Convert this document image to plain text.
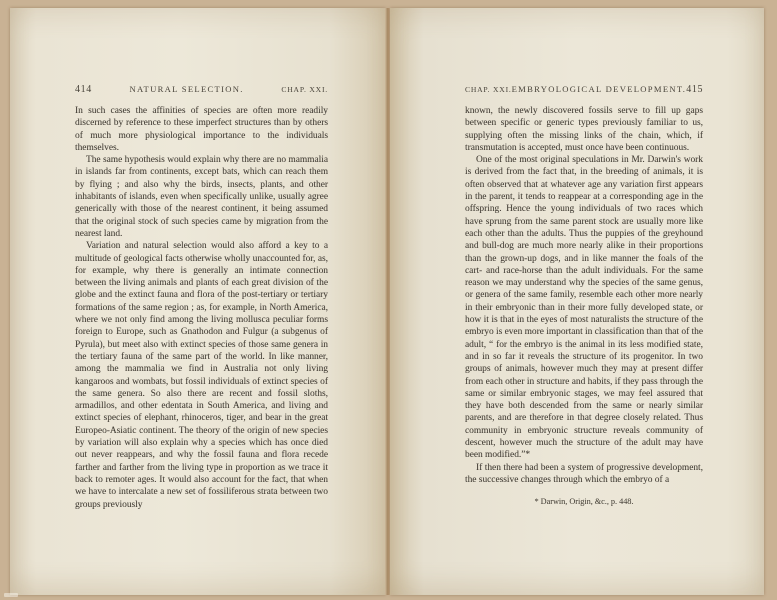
414	NATURAL SELECTION.	CHAP. XXI.

In such cases the affinities of species are often more readily discerned by reference to these imperfect structures than by others of much more physiological importance to the individuals themselves.

The same hypothesis would explain why there are no mammalia in islands far from continents, except bats, which can reach them by flying ; and also why the birds, insects, plants, and other inhabitants of islands, even when specifically unlike, usually agree generically with those of the nearest continent, it being assumed that the original stock of such species came by migration from the nearest land.

Variation and natural selection would also afford a key to a multitude of geological facts otherwise wholly unaccounted for, as, for example, why there is generally an intimate connection between the living animals and plants of each great division of the globe and the extinct fauna and flora of the post-tertiary or tertiary formations of the same region ; as, for example, in North America, where we not only find among the living mollusca peculiar forms foreign to Europe, such as Gnathodon and Fulgur (a subgenus of Pyrula), but meet also with extinct species of those same genera in the tertiary fauna of the same part of the world. In like manner, among the mammalia we find in Australia not only living kangaroos and wombats, but fossil individuals of extinct species of the same genera. So also there are recent and fossil sloths, armadillos, and other edentata in South America, and living and extinct species of elephant, rhinoceros, tiger, and bear in the great Europeo-Asiatic continent. The theory of the origin of new species by variation will also explain why a species which has once died out never reappears, and why the fossil fauna and flora recede farther and farther from the living type in proportion as we trace it back to remoter ages. It would also account for the fact, that when we have to intercalate a new set of fossiliferous strata between two groups previously

CHAP. XXI. EMBRYOLOGICAL DEVELOPMENT. 415

known, the newly discovered fossils serve to fill up gaps between specific or generic types previously familiar to us, supplying often the missing links of the chain, which, if transmutation is accepted, must once have been continuous.

One of the most original speculations in Mr. Darwin's work is derived from the fact that, in the breeding of animals, it is often observed that at whatever age any variation first appears in the parent, it tends to reappear at a corresponding age in the offspring. Hence the young individuals of two races which have sprung from the same parent stock are usually more like each other than the adults. Thus the puppies of the greyhound and bull-dog are much more nearly alike in their proportions than the grown-up dogs, and in like manner the foals of the cart- and race-horse than the adult individuals. For the same reason we may understand why the species of the same genus, or genera of the same family, resemble each other more nearly in their embryonic than in their more fully developed state, or how it is that in the eyes of most naturalists the structure of the embryo is even more important in classification than that of the adult, “ for the embryo is the animal in its less modified state, and in so far it reveals the structure of its progenitor. In two groups of animals, however much they may at present differ from each other in structure and habits, if they pass through the same or similar embryonic stages, we may feel assured that they have both descended from the same or nearly similar parents, and are therefore in that degree closely related. Thus community in embryonic structure reveals community of descent, however much the structure of the adult may have been modified.”*

If then there had been a system of progressive development, the successive changes through which the embryo of a

* Darwin, Origin, &c., p. 448.
